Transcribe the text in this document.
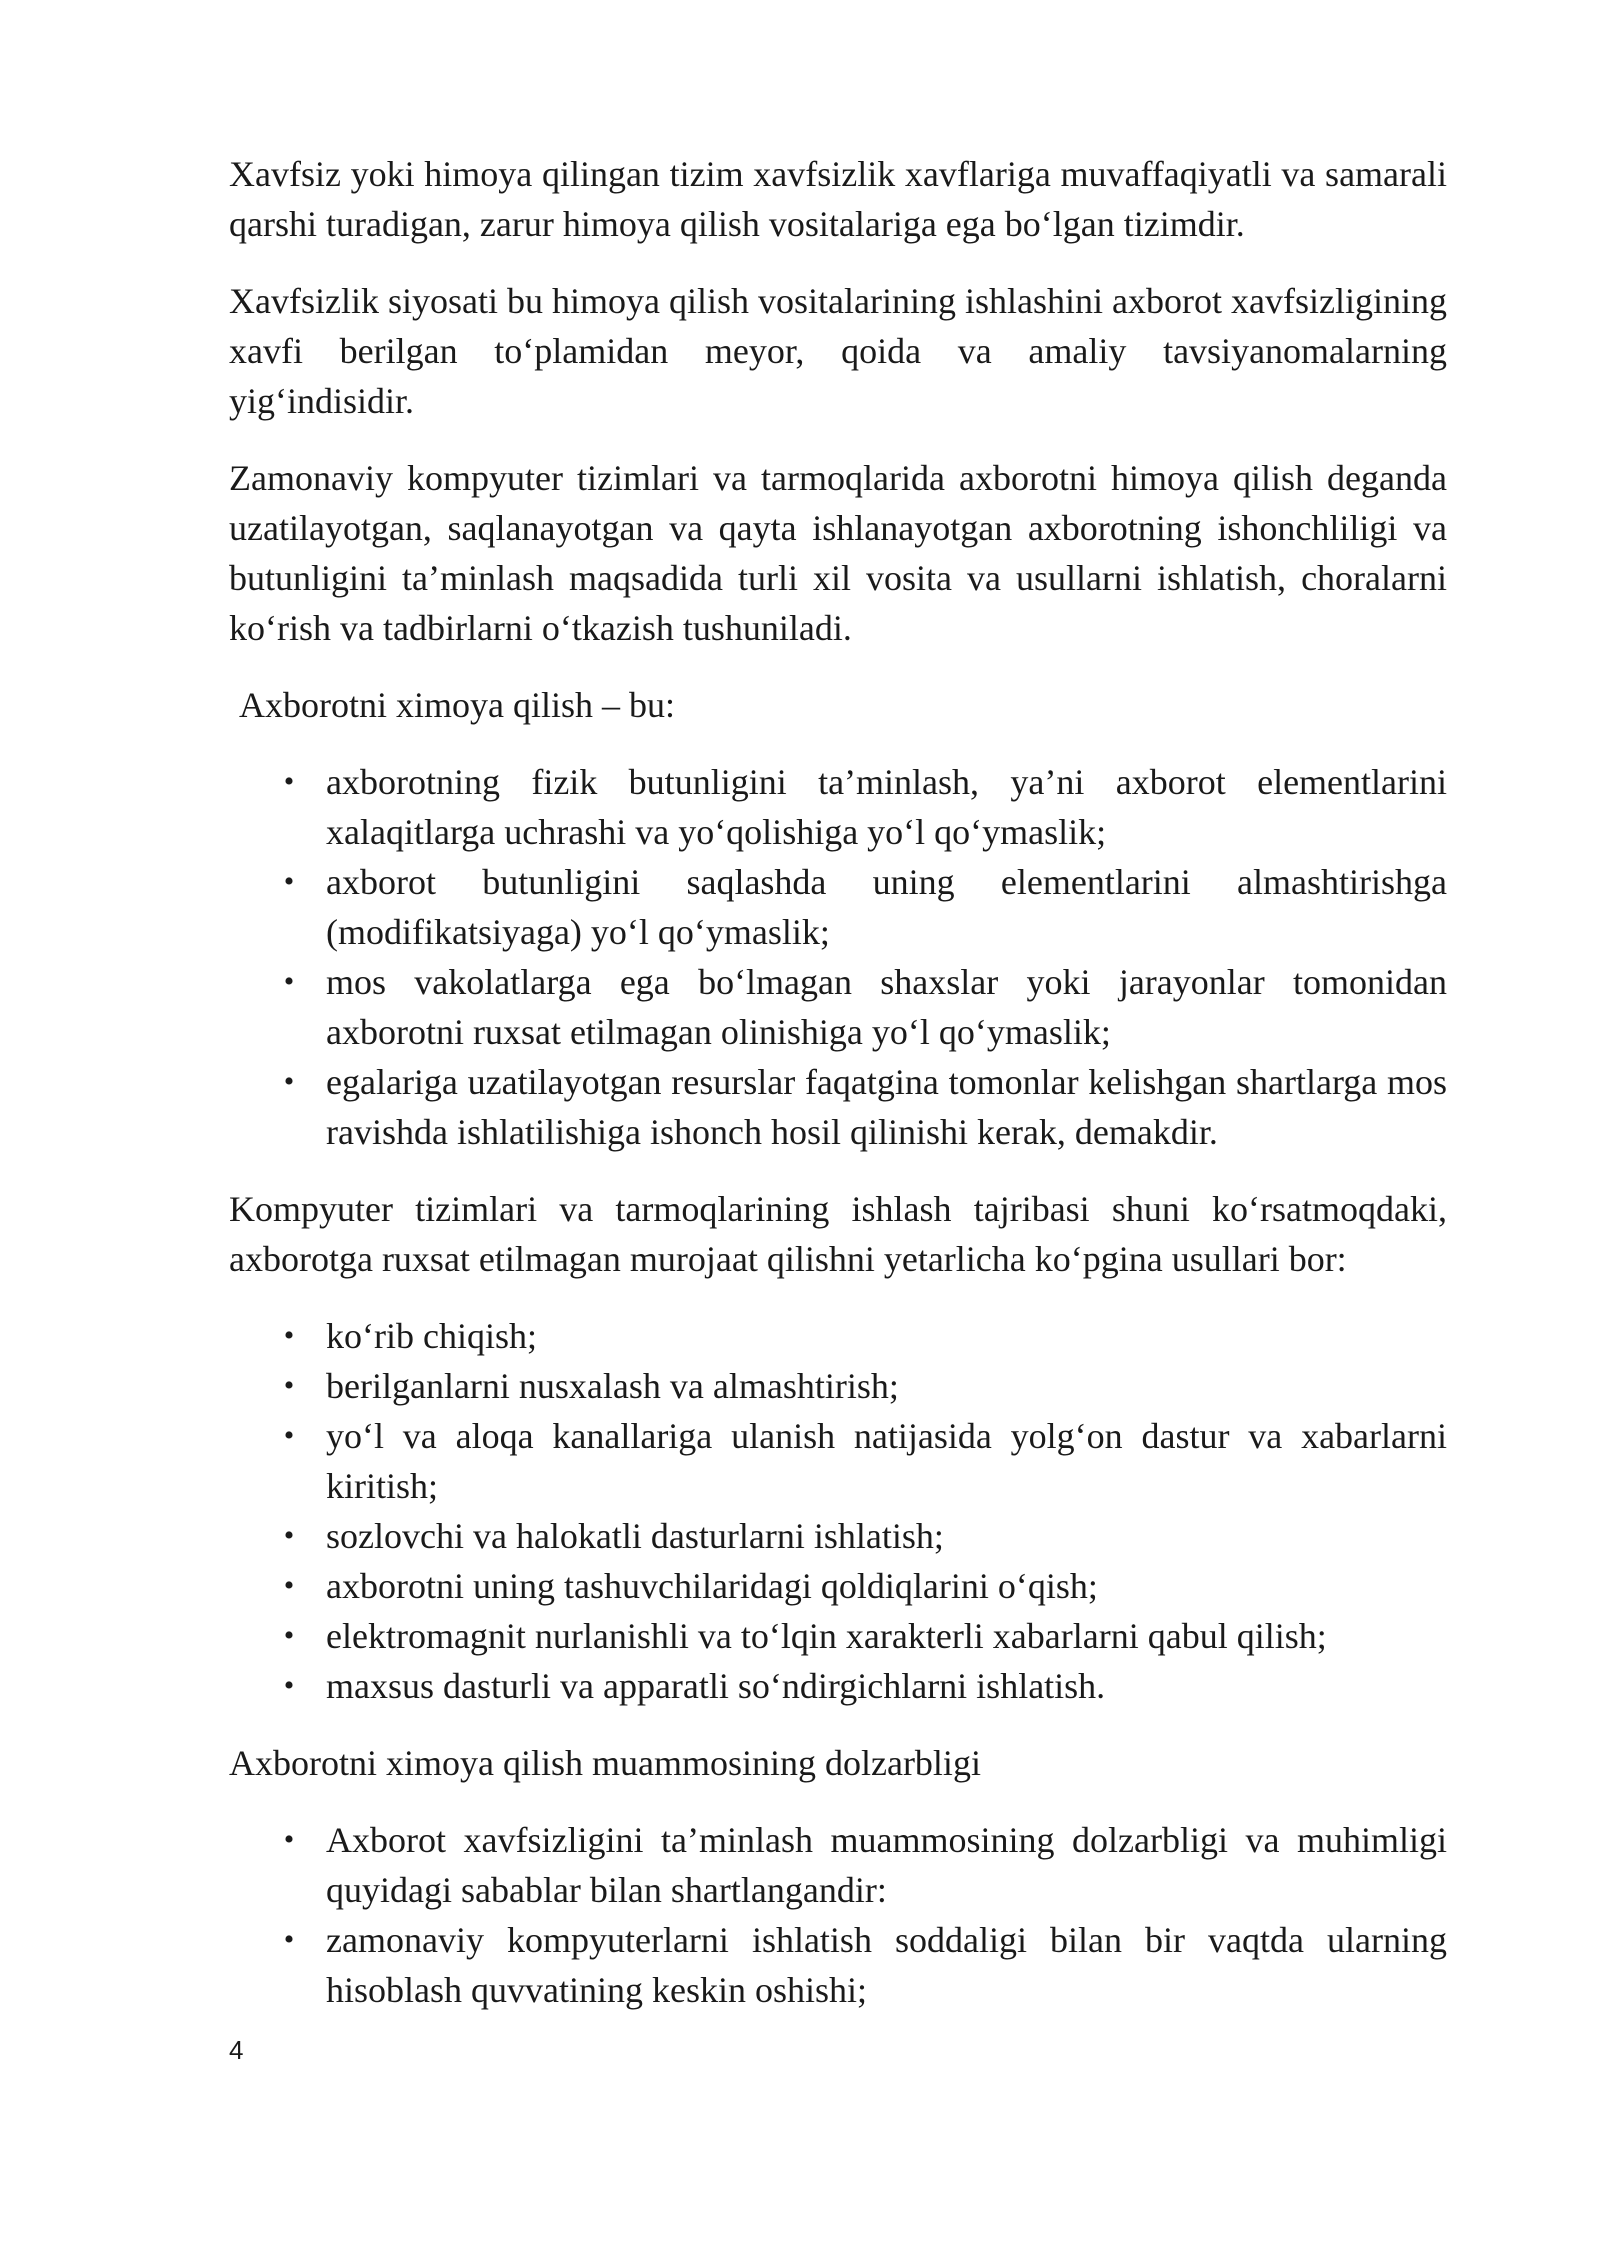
Xavfsiz yoki himoya qilingan tizim xavfsizlik xavflariga muvaffaqiyatli va samarali qarshi turadigan, zarur himoya qilish vositalariga ega bo‘lgan tizimdir.

Xavfsizlik siyosati bu himoya qilish vositalarining ishlashini axborot xavfsizligining xavfi berilgan to‘plamidan meyor, qoida va amaliy tavsiyanomalarning yig‘indisidir.

Zamonaviy kompyuter tizimlari va tarmoqlarida axborotni himoya qilish deganda uzatilayotgan, saqlanayotgan va qayta ishlanayotgan axborotning ishonchliligi va butunligini ta’minlash maqsadida turli xil vosita va usullarni ishlatish, choralarni ko‘rish va tadbirlarni o‘tkazish tushuniladi.

Axborotni ximoya qilish – bu:

• axborotning fizik butunligini ta’minlash, ya’ni axborot elementlarini xalaqitlarga uchrashi va yo‘qolishiga yo‘l qo‘ymaslik;
• axborot butunligini saqlashda uning elementlarini almashtirishga (modifikatsiyaga) yo‘l qo‘ymaslik;
• mos vakolatlarga ega bo‘lmagan shaxslar yoki jarayonlar tomonidan axborotni ruxsat etilmagan olinishiga yo‘l qo‘ymaslik;
• egalariga uzatilayotgan resurslar faqatgina tomonlar kelishgan shartlarga mos ravishda ishlatilishiga ishonch hosil qilinishi kerak, demakdir.

Kompyuter tizimlari va tarmoqlarining ishlash tajribasi shuni ko‘rsatmoqdaki, axborotga ruxsat etilmagan murojaat qilishni yetarlicha ko‘pgina usullari bor:

• ko‘rib chiqish;
• berilganlarni nusxalash va almashtirish;
• yo‘l va aloqa kanallariga ulanish natijasida yolg‘on dastur va xabarlarni kiritish;
• sozlovchi va halokatli dasturlarni ishlatish;
• axborotni uning tashuvchilaridagi qoldiqlarini o‘qish;
• elektromagnit nurlanishli va to‘lqin xarakterli xabarlarni qabul qilish;
• maxsus dasturli va apparatli so‘ndirgichlarni ishlatish.

Axborotni ximoya qilish muammosining dolzarbligi

• Axborot xavfsizligini ta’minlash muammosining dolzarbligi va muhimligi quyidagi sabablar bilan shartlangandir:
• zamonaviy kompyuterlarni ishlatish soddaligi bilan bir vaqtda ularning hisoblash quvvatining keskin oshishi;
4
